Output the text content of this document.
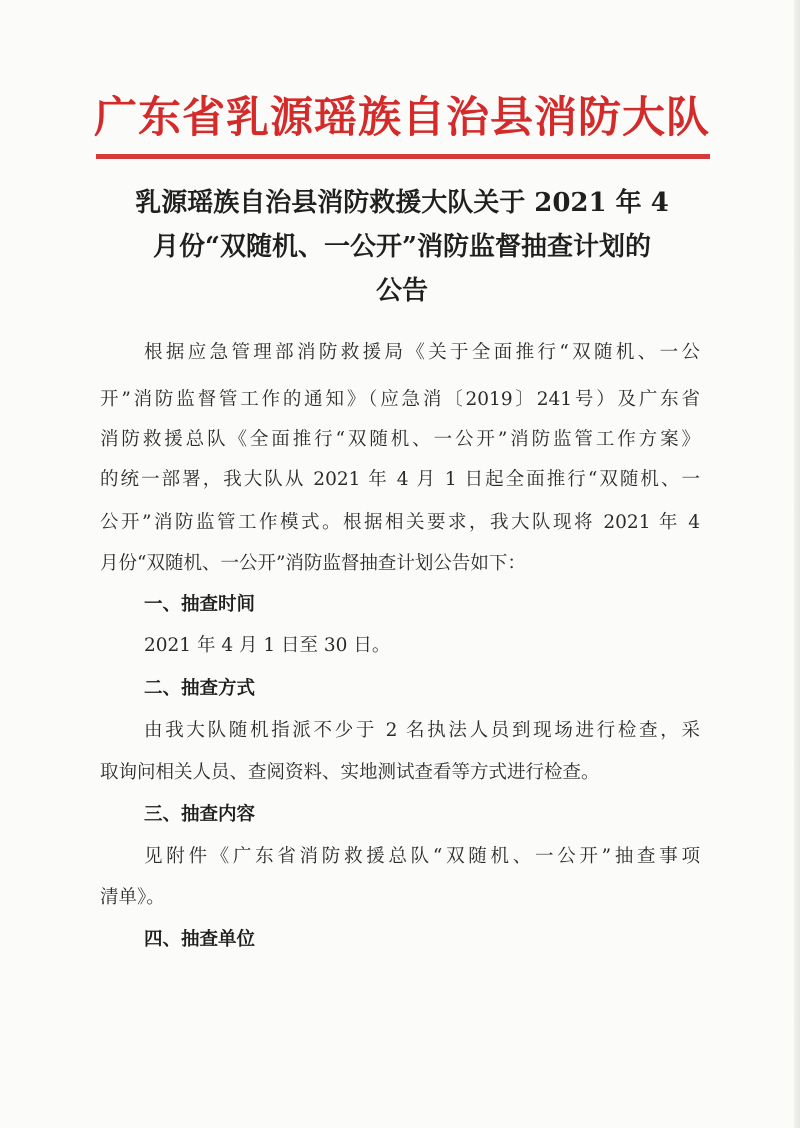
广东省乳源瑶族自治县消防大队
乳源瑶族自治县消防救援大队关于 2021 年 4
月份“双随机、一公开”消防监督抽查计划的
公告
根据应急管理部消防救援局《关于全面推行“双随机、一公
开”消防监督管工作的通知》（应急消〔2019〕241号）及广东省
消防救援总队《全面推行“双随机、一公开”消防监管工作方案》
的统一部署，我大队从 2021 年 4 月 1 日起全面推行“双随机、一
公开”消防监管工作模式。根据相关要求，我大队现将 2021 年 4
月份“双随机、一公开”消防监督抽查计划公告如下：
一、抽查时间
2021 年 4 月 1 日至 30 日。
二、抽查方式
由我大队随机指派不少于 2 名执法人员到现场进行检查，采
取询问相关人员、查阅资料、实地测试查看等方式进行检查。
三、抽查内容
见附件《广东省消防救援总队“双随机、一公开”抽查事项
清单》。
四、抽查单位
